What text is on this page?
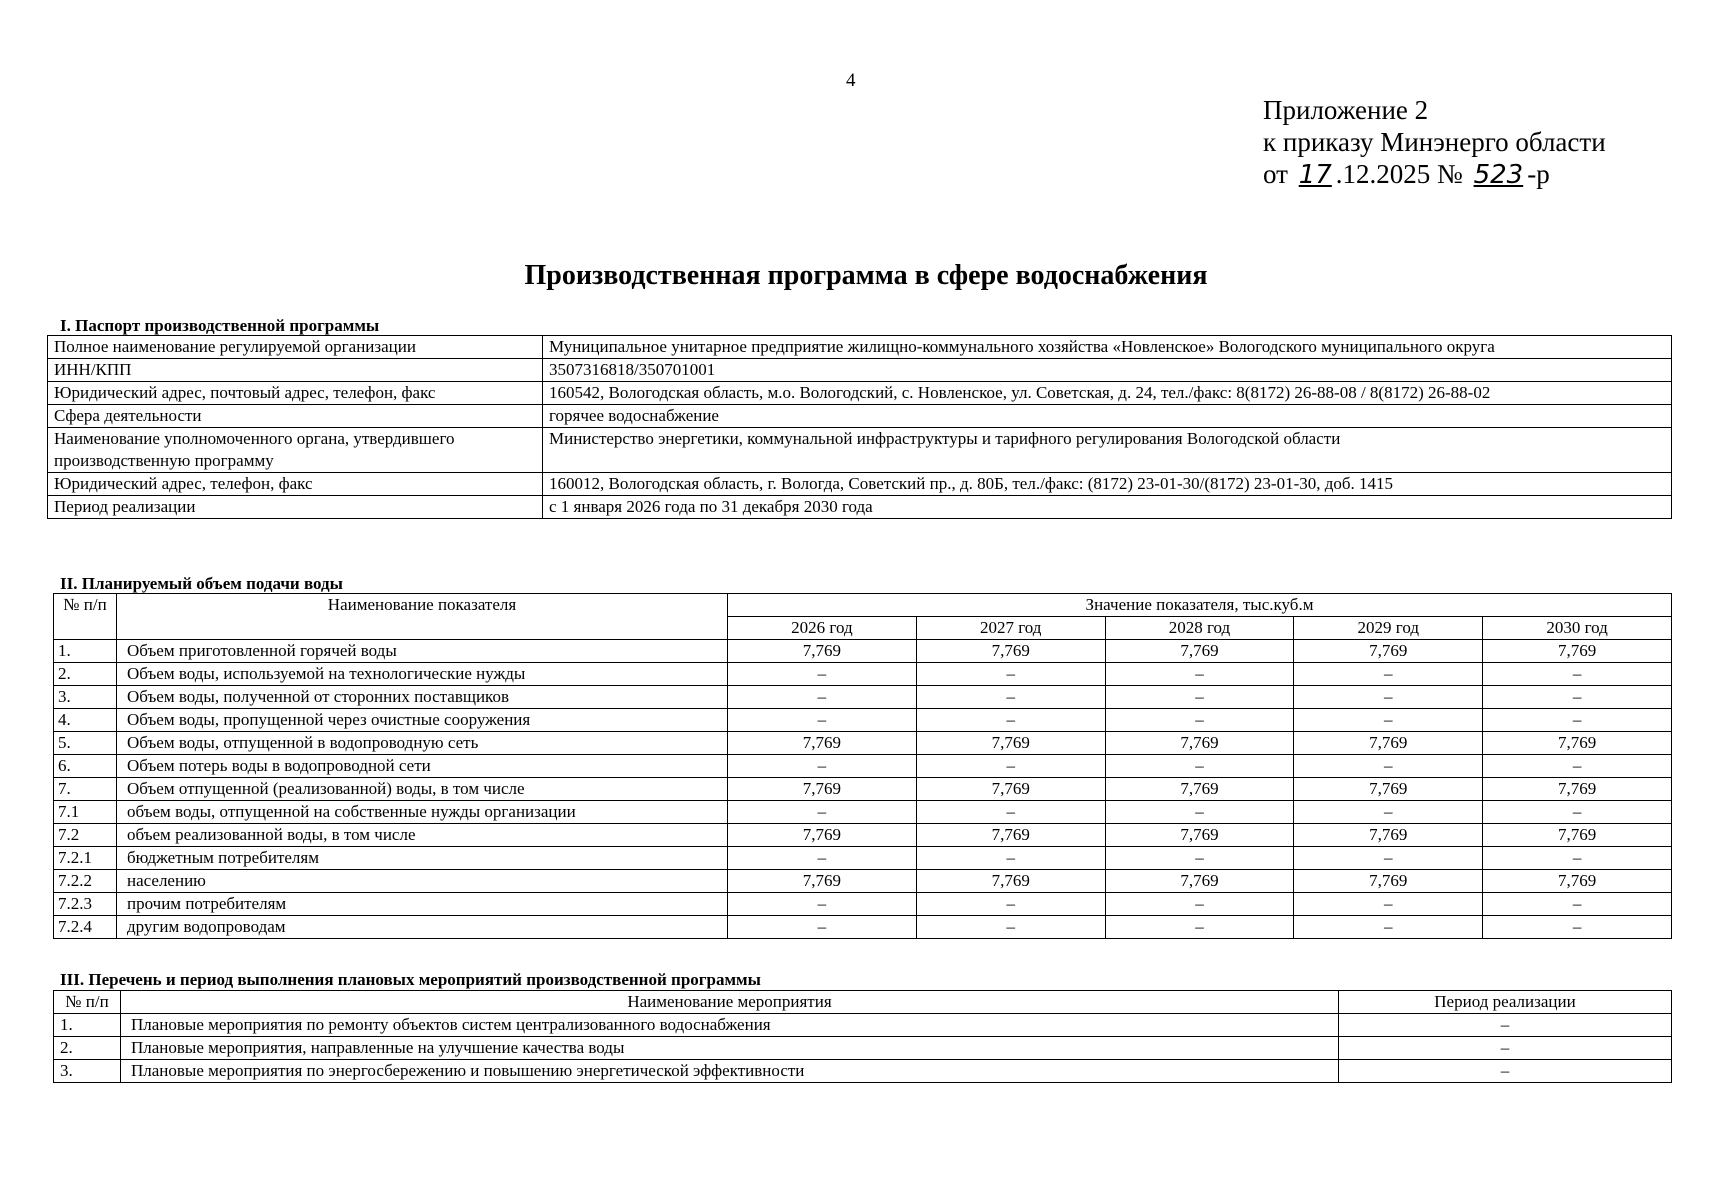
4
Приложение 2
к приказу Минэнерго области
от 17 .12.2025 № 523 -р
Производственная программа в сфере водоснабжения
I. Паспорт производственной программы
Полное наименование регулируемой организации	Муниципальное унитарное предприятие жилищно-коммунального хозяйства «Новленское» Вологодского муниципального округа
ИНН/КПП	3507316818/350701001
Юридический адрес, почтовый адрес, телефон, факс	160542, Вологодская область, м.о. Вологодский, с. Новленское, ул. Советская, д. 24, тел./факс: 8(8172) 26-88-08 / 8(8172) 26-88-02
Сфера деятельности	горячее водоснабжение
Наименование уполномоченного органа, утвердившего производственную программу	Министерство энергетики, коммунальной инфраструктуры и тарифного регулирования Вологодской области
Юридический адрес, телефон, факс	160012, Вологодская область, г. Вологда, Советский пр., д. 80Б, тел./факс: (8172) 23-01-30/(8172) 23-01-30, доб. 1415
Период реализации	с 1 января 2026 года по 31 декабря 2030 года
II. Планируемый объем подачи воды
№ п/п	Наименование показателя	Значение показателя, тыс.куб.м				
		2026 год	2027 год	2028 год	2029 год	2030 год
1.	Объем приготовленной горячей воды	7,769	7,769	7,769	7,769	7,769
2.	Объем воды, используемой на технологические нужды	–	–	–	–	–
3.	Объем воды, полученной от сторонних поставщиков	–	–	–	–	–
4.	Объем воды, пропущенной через очистные сооружения	–	–	–	–	–
5.	Объем воды, отпущенной в водопроводную сеть	7,769	7,769	7,769	7,769	7,769
6.	Объем потерь воды в водопроводной сети	–	–	–	–	–
7.	Объем отпущенной (реализованной) воды, в том числе	7,769	7,769	7,769	7,769	7,769
7.1	объем воды, отпущенной на собственные нужды организации	–	–	–	–	–
7.2	объем реализованной воды, в том числе	7,769	7,769	7,769	7,769	7,769
7.2.1	бюджетным потребителям	–	–	–	–	–
7.2.2	населению	7,769	7,769	7,769	7,769	7,769
7.2.3	прочим потребителям	–	–	–	–	–
7.2.4	другим водопроводам	–	–	–	–	–
III. Перечень и период выполнения плановых мероприятий производственной программы
№ п/п	Наименование мероприятия	Период реализации
1.	Плановые мероприятия по ремонту объектов систем централизованного водоснабжения	–
2.	Плановые мероприятия, направленные на улучшение качества воды	–
3.	Плановые мероприятия по энергосбережению и повышению энергетической эффективности	–
